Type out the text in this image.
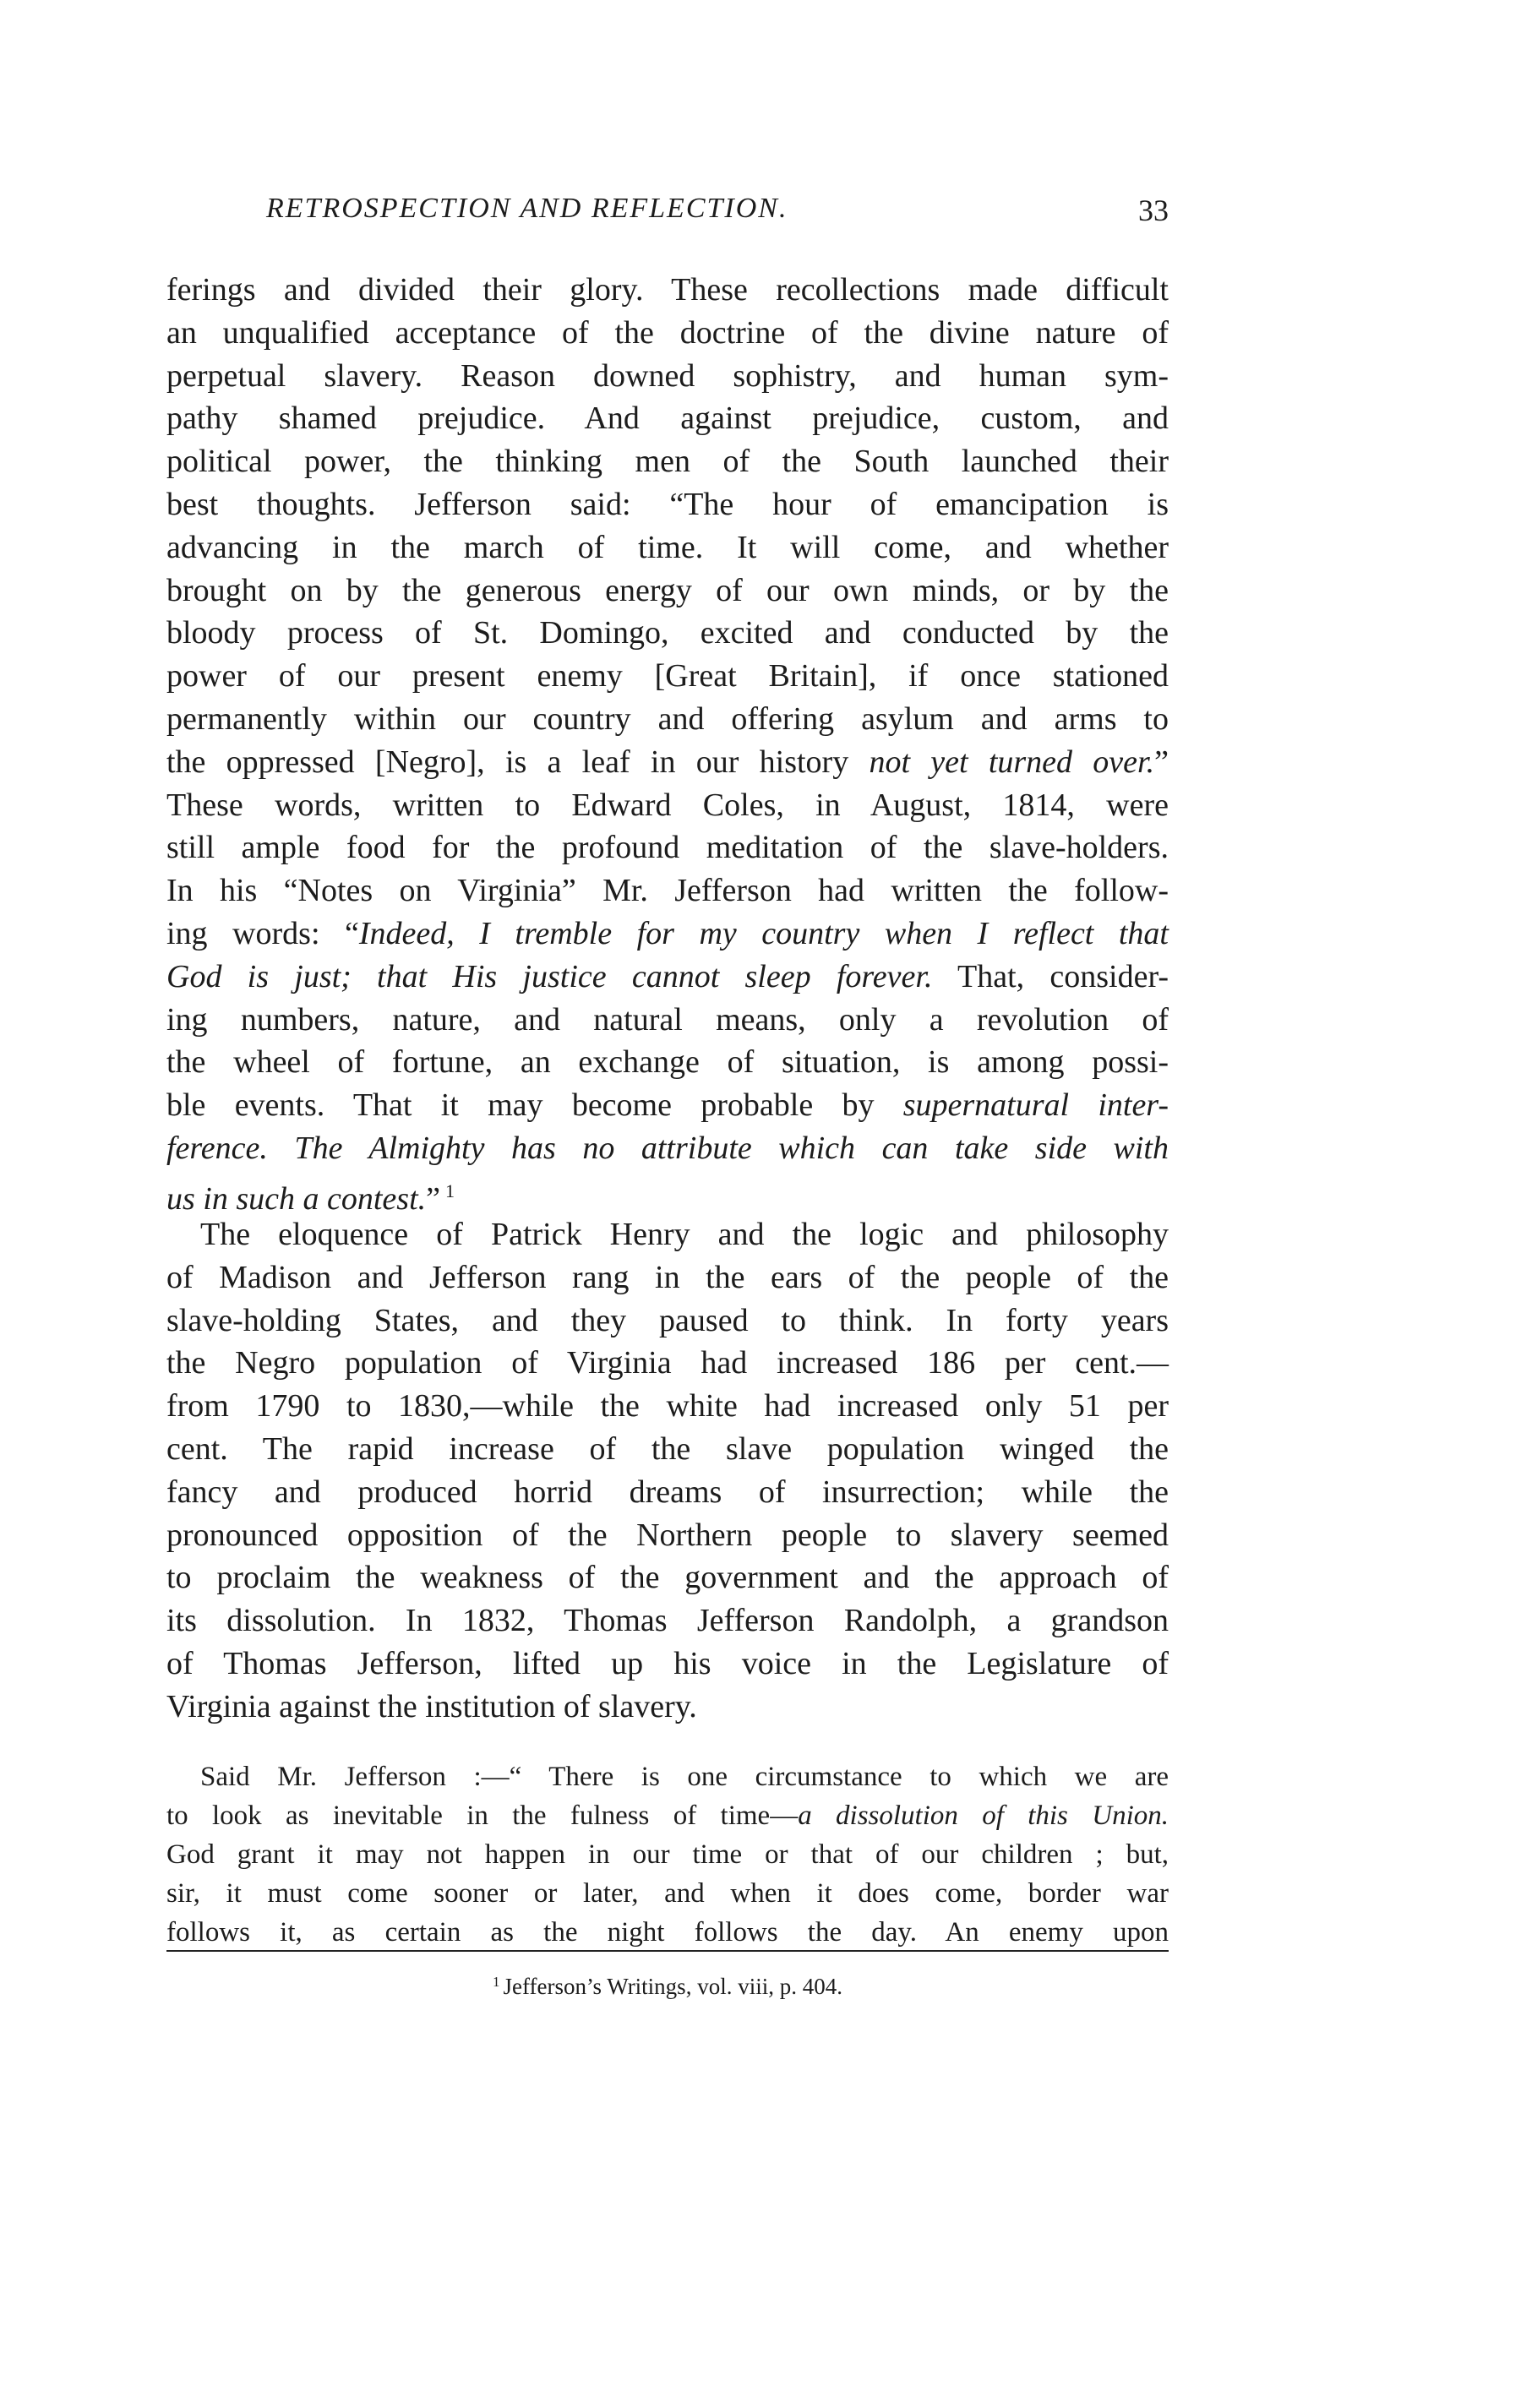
RETROSPECTION AND REFLECTION.	33
ferings and divided their glory. These recollections made difficult
an unqualified acceptance of the doctrine of the divine nature of
perpetual slavery. Reason downed sophistry, and human sym-
pathy shamed prejudice. And against prejudice, custom, and
political power, the thinking men of the South launched their
best thoughts. Jefferson said: “The hour of emancipation is
advancing in the march of time. It will come, and whether
brought on by the generous energy of our own minds, or by the
bloody process of St. Domingo, excited and conducted by the
power of our present enemy [Great Britain], if once stationed
permanently within our country and offering asylum and arms to
the oppressed [Negro], is a leaf in our history not yet turned over.”
These words, written to Edward Coles, in August, 1814, were
still ample food for the profound meditation of the slave-holders.
In his “Notes on Virginia” Mr. Jefferson had written the follow-
ing words: “Indeed, I tremble for my country when I reflect that
God is just; that His justice cannot sleep forever. That, consider-
ing numbers, nature, and natural means, only a revolution of
the wheel of fortune, an exchange of situation, is among possi-
ble events. That it may become probable by supernatural inter-
ference. The Almighty has no attribute which can take side with
us in such a contest.” $^1$
The eloquence of Patrick Henry and the logic and philosophy
of Madison and Jefferson rang in the ears of the people of the
slave-holding States, and they paused to think. In forty years
the Negro population of Virginia had increased 186 per cent.—
from 1790 to 1830,—while the white had increased only 51 per
cent. The rapid increase of the slave population winged the
fancy and produced horrid dreams of insurrection; while the
pronounced opposition of the Northern people to slavery seemed
to proclaim the weakness of the government and the approach of
its dissolution. In 1832, Thomas Jefferson Randolph, a grandson
of Thomas Jefferson, lifted up his voice in the Legislature of
Virginia against the institution of slavery.
Said Mr. Jefferson :—“ There is one circumstance to which we are
to look as inevitable in the fulness of time—a dissolution of this Union.
God grant it may not happen in our time or that of our children ; but,
sir, it must come sooner or later, and when it does come, border war
follows it, as certain as the night follows the day. An enemy upon
$^1$ Jefferson’s Writings, vol. viii, p. 404.
